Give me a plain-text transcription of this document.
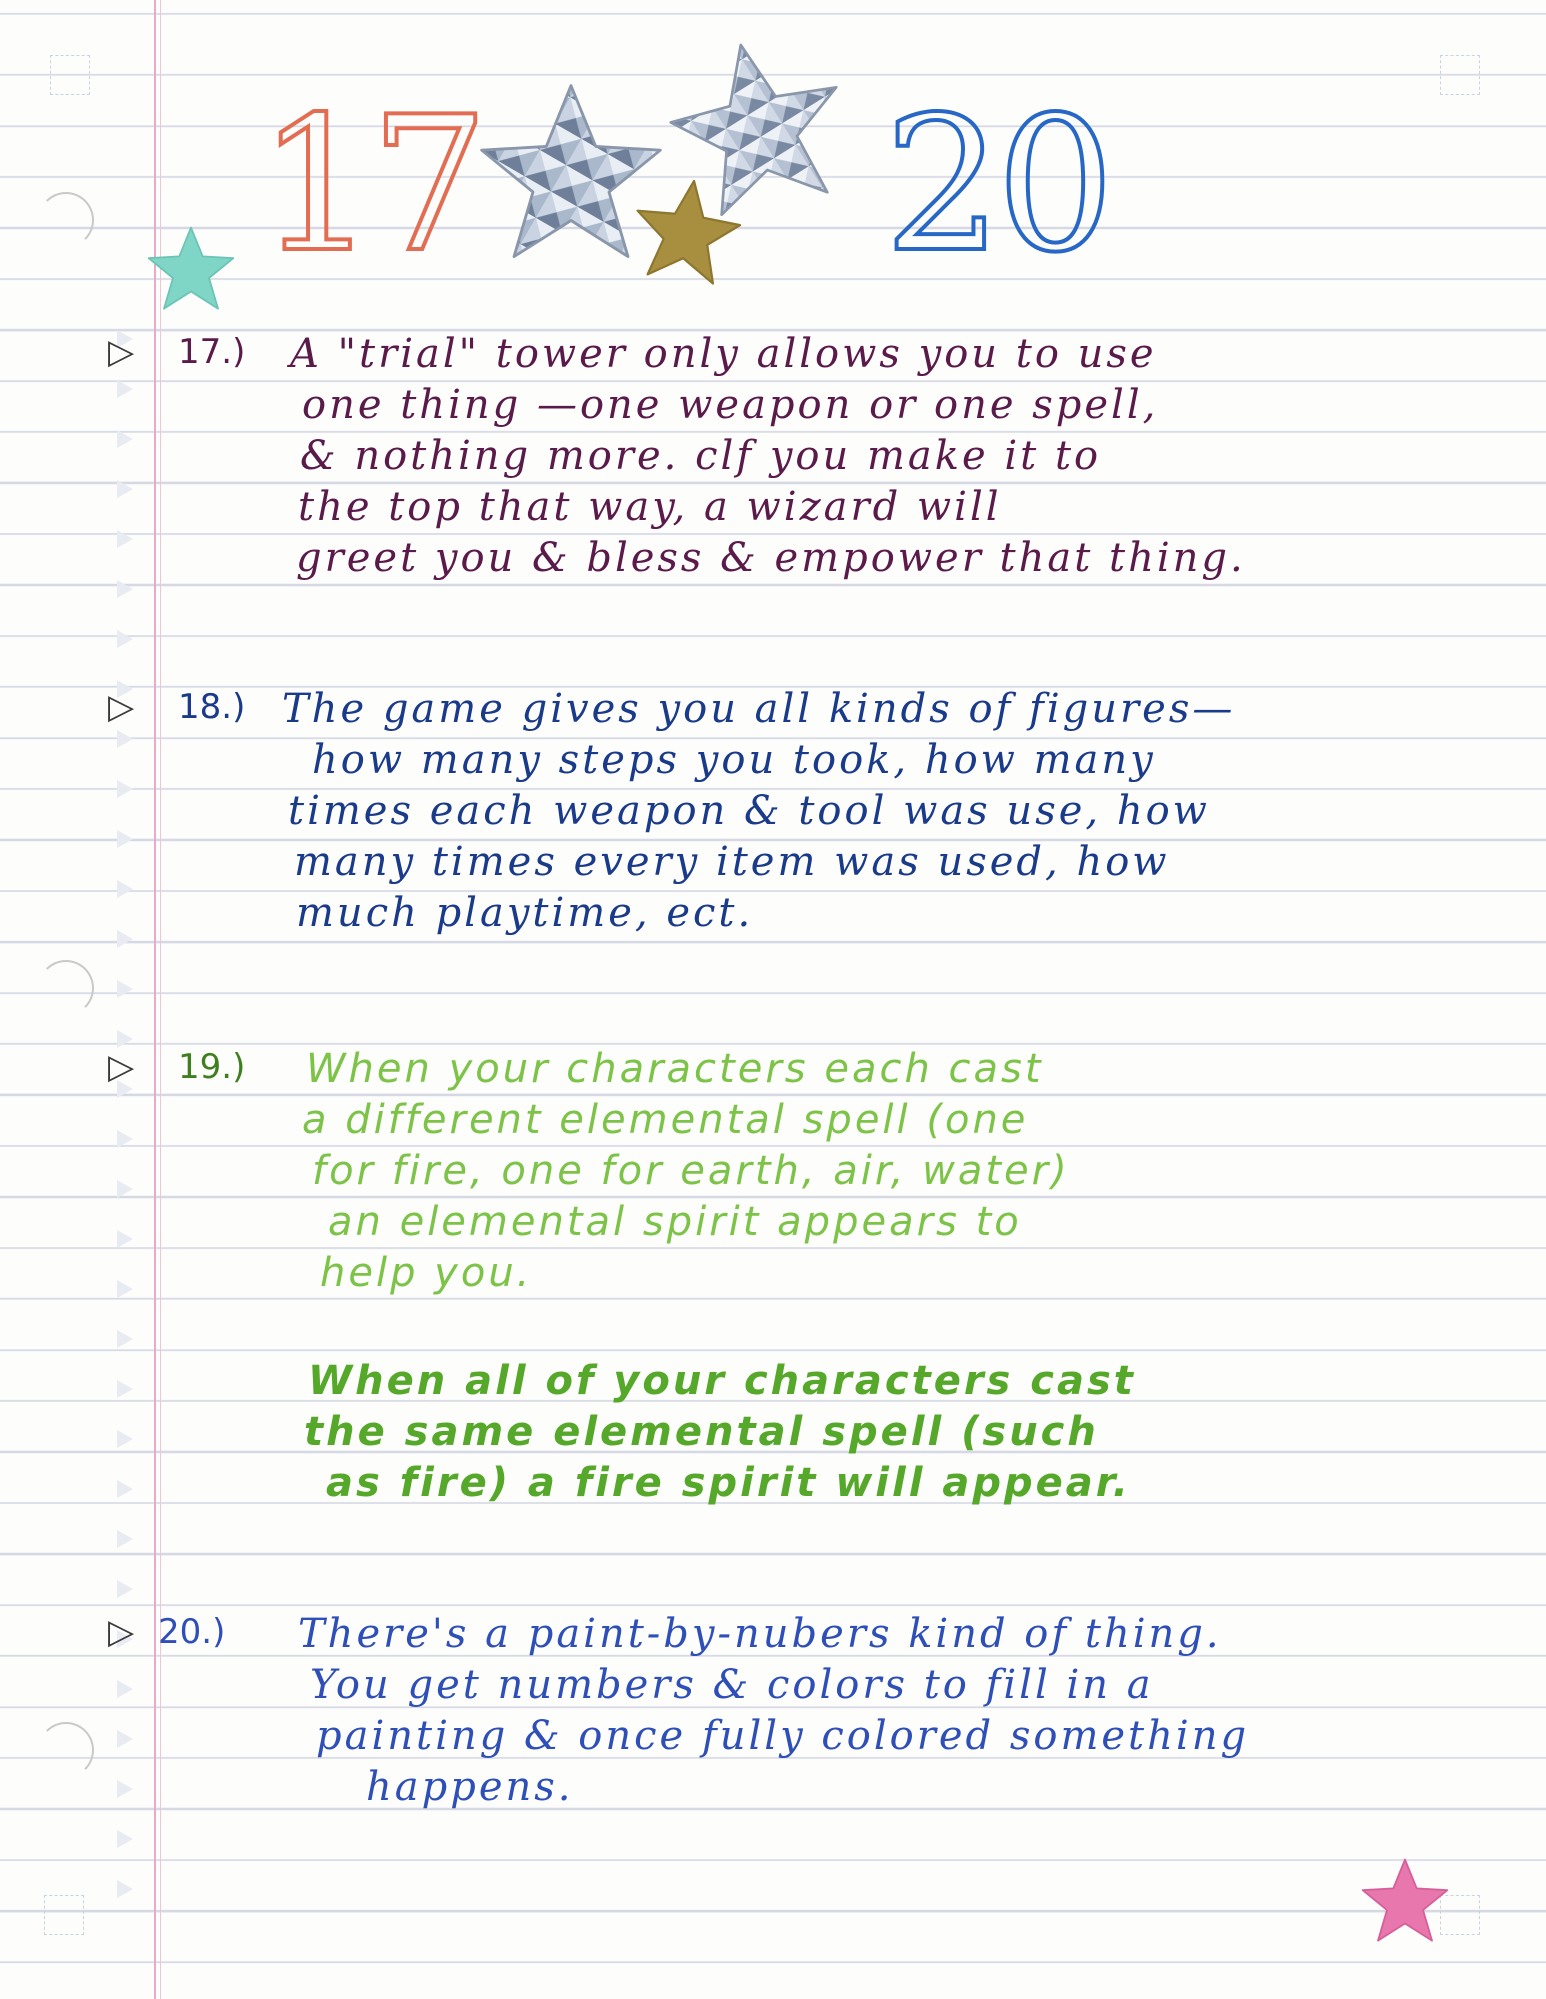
17 20
▷ 17.) A "trial" tower only allows you to use
one thing —one weapon or one spell,
& nothing more. clf you make it to
the top that way, a wizard will
greet you & bless & empower that thing.
▷ 18.) The game gives you all kinds of figures—
how many steps you took, how many
times each weapon & tool was use, how
many times every item was used, how
much playtime, ect.
▷ 19.) When your characters each cast
a different elemental spell (one
for fire, one for earth, air, water)
an elemental spirit appears to
help you.
When all of your characters cast
the same elemental spell (such
as fire) a fire spirit will appear.
▷ 20.) There's a paint-by-nubers kind of thing.
You get numbers & colors to fill in a
painting & once fully colored something
happens.
